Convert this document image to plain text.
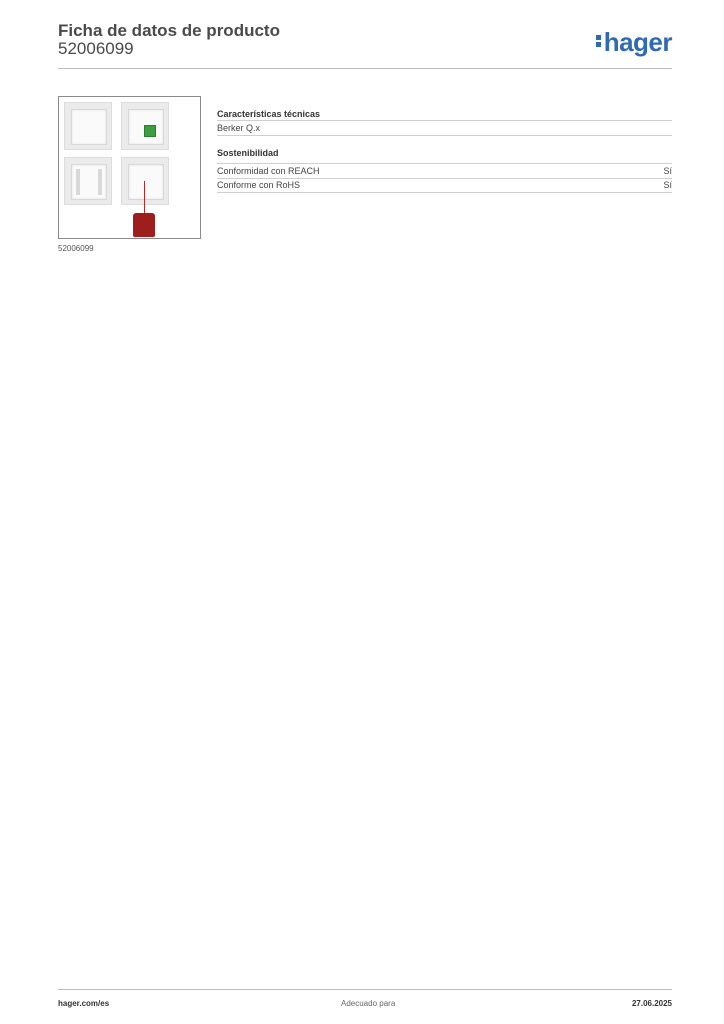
Ficha de datos de producto
52006099	hager
52006099
Características técnicas
Berker Q.x
Sostenibilidad
Conformidad con REACH	Sí
Conforme con RoHS	Sí
hager.com/es	Adecuado para	27.06.2025
